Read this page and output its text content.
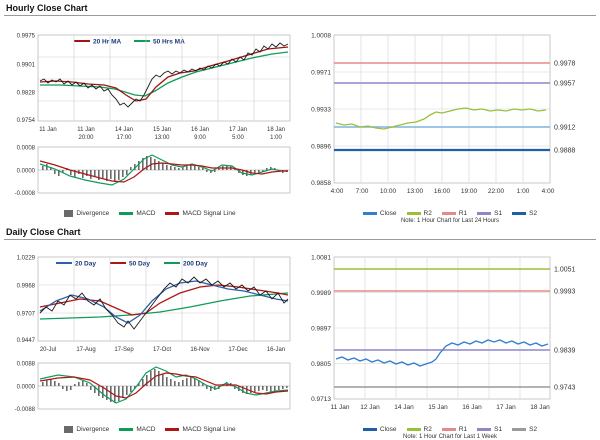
Hourly Close Chart
20 Hr MA	50 Hrs MA
0.9975
0.9901
0.9828
0.9754
11 Jan	11 Jan	14 Jan	15 Jan	16 Jan	17 Jan	18 Jan
20:00	17:00	13:00	9:00	5:00	1:00
0.0008
0.0000
-0.0008
Divergence	MACD	MACD Signal Line
1.0008
0.9971
0.9933
0.9896
0.9858
0.9978
0.9957
0.9912
0.9888
4:00 7:00 10:00 13:00 16:00 19:00 22:00 1:00 4:00
Close	R2	R1	S1	S2
Note: 1 Hour Chart for Last 24 Hours
Daily Close Chart
20 Day	50 Day	200 Day
1.0229
0.9968
0.9707
0.9447
20-Jul	17-Aug	17-Sep	17-Oct	16-Nov	17-Dec	16-Jan
0.0088
0.0000
-0.0088
Divergence	MACD	MACD Signal Line
1.0081
0.9989
0.9897
0.9805
0.9713
1.0051
0.9993
0.9839
0.9743
11 Jan 12 Jan 14 Jan 15 Jan 16 Jan 17 Jan 18 Jan
Close	R2	R1	S1	S2
Note: 1 Hour Chart for Last 1 Week
